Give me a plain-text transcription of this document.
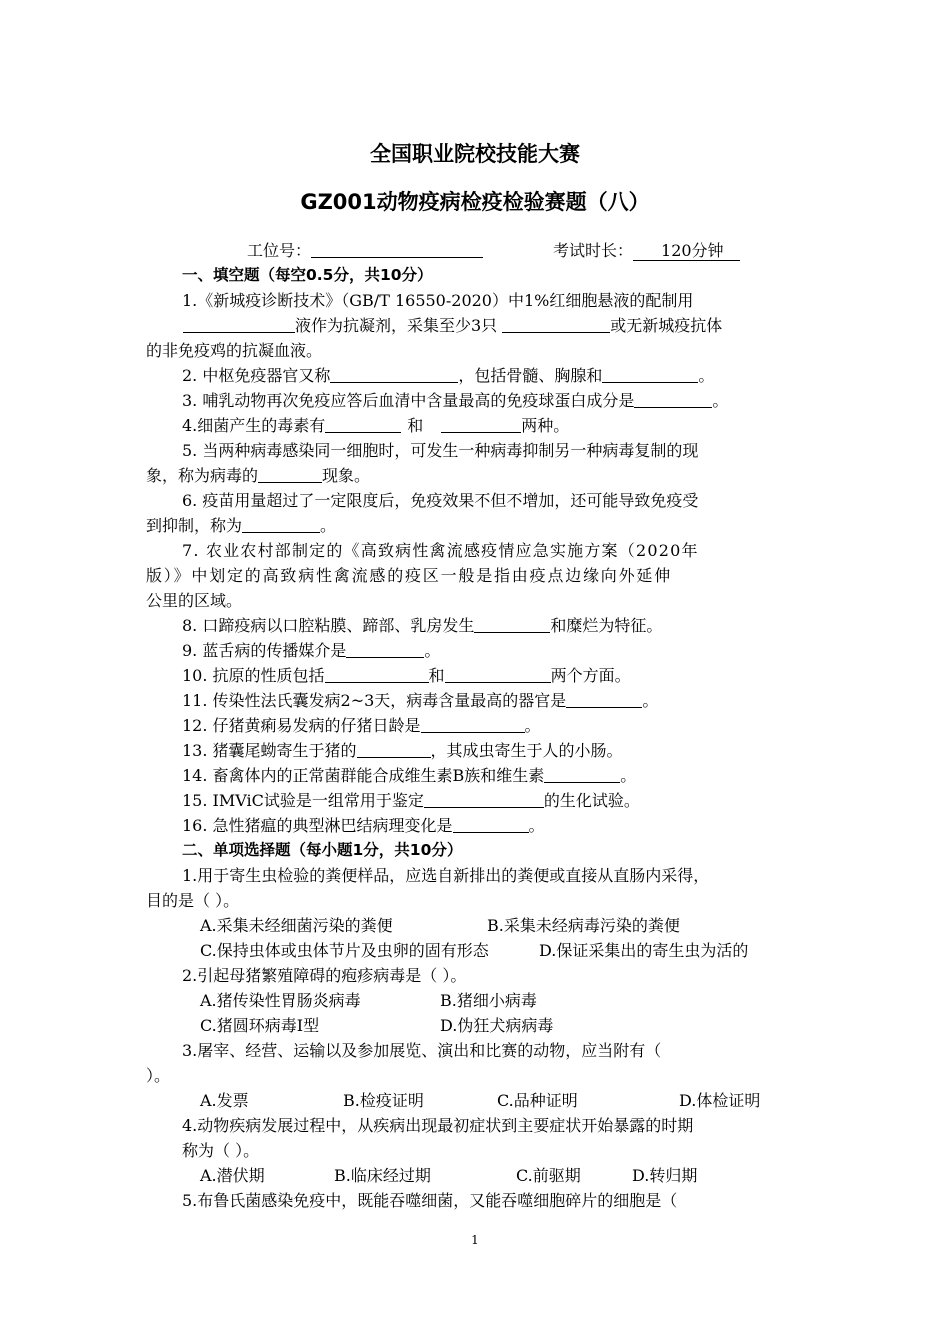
全国职业院校技能大赛
GZ001动物疫病检疫检验赛题（八）
工位号：	考试时长： 120分钟
一、填空题（每空0.5分，共10分）
1.《新城疫诊断技术》（GB/T 16550-2020）中1%红细胞悬液的配制用
液作为抗凝剂，采集至少3只	或无新城疫抗体
的非免疫鸡的抗凝血液。
2. 中枢免疫器官又称	，包括骨髓、胸腺和	。
3. 哺乳动物再次免疫应答后血清中含量最高的免疫球蛋白成分是	。
4.细菌产生的毒素有	和	两种。
5. 当两种病毒感染同一细胞时，可发生一种病毒抑制另一种病毒复制的现
象，称为病毒的	现象。
6. 疫苗用量超过了一定限度后，免疫效果不但不增加，还可能导致免疫受
到抑制，称为	。
7. 农业农村部制定的《高致病性禽流感疫情应急实施方案（2020年
版）》中划定的高致病性禽流感的疫区一般是指由疫点边缘向外延伸
公里的区域。
8. 口蹄疫病以口腔粘膜、蹄部、乳房发生	和糜烂为特征。
9. 蓝舌病的传播媒介是	。
10. 抗原的性质包括	和	两个方面。
11. 传染性法氏囊发病2~3天，病毒含量最高的器官是	。
12. 仔猪黄痢易发病的仔猪日龄是	。
13. 猪囊尾蚴寄生于猪的	，其成虫寄生于人的小肠。
14. 畜禽体内的正常菌群能合成维生素B族和维生素	。
15. IMViC试验是一组常用于鉴定	的生化试验。
16. 急性猪瘟的典型淋巴结病理变化是	。
二、单项选择题（每小题1分，共10分）
1.用于寄生虫检验的粪便样品，应选自新排出的粪便或直接从直肠内采得，
目的是（ ）。
A.采集未经细菌污染的粪便	B.采集未经病毒污染的粪便
C.保持虫体或虫体节片及虫卵的固有形态	D.保证采集出的寄生虫为活的
2.引起母猪繁殖障碍的疱疹病毒是（ ）。
A.猪传染性胃肠炎病毒	B.猪细小病毒
C.猪圆环病毒Ⅰ型	D.伪狂犬病病毒
3.屠宰、经营、运输以及参加展览、演出和比赛的动物，应当附有（
）。
A.发票	B.检疫证明	C.品种证明	D.体检证明
4.动物疾病发展过程中，从疾病出现最初症状到主要症状开始暴露的时期
称为（ ）。
A.潜伏期	B.临床经过期	C.前驱期	D.转归期
5.布鲁氏菌感染免疫中，既能吞噬细菌，又能吞噬细胞碎片的细胞是（
1
